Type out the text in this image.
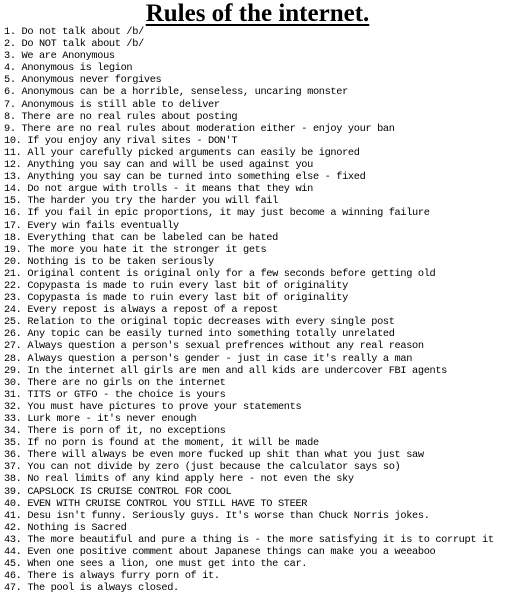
Rules of the internet.
1. Do not talk about /b/
2. Do NOT talk about /b/
3. We are Anonymous
4. Anonymous is legion
5. Anonymous never forgives
6. Anonymous can be a horrible, senseless, uncaring monster
7. Anonymous is still able to deliver
8. There are no real rules about posting
9. There are no real rules about moderation either - enjoy your ban
10. If you enjoy any rival sites - DON'T
11. All your carefully picked arguments can easily be ignored
12. Anything you say can and will be used against you
13. Anything you say can be turned into something else - fixed
14. Do not argue with trolls - it means that they win
15. The harder you try the harder you will fail
16. If you fail in epic proportions, it may just become a winning failure
17. Every win fails eventually
18. Everything that can be labeled can be hated
19. The more you hate it the stronger it gets
20. Nothing is to be taken seriously
21. Original content is original only for a few seconds before getting old
22. Copypasta is made to ruin every last bit of originality
23. Copypasta is made to ruin every last bit of originality
24. Every repost is always a repost of a repost
25. Relation to the original topic decreases with every single post
26. Any topic can be easily turned into something totally unrelated
27. Always question a person's sexual prefrences without any real reason
28. Always question a person's gender - just in case it's really a man
29. In the internet all girls are men and all kids are undercover FBI agents
30. There are no girls on the internet
31. TITS or GTFO - the choice is yours
32. You must have pictures to prove your statements
33. Lurk more - it's never enough
34. There is porn of it, no exceptions
35. If no porn is found at the moment, it will be made
36. There will always be even more fucked up shit than what you just saw
37. You can not divide by zero (just because the calculator says so)
38. No real limits of any kind apply here - not even the sky
39. CAPSLOCK IS CRUISE CONTROL FOR COOL
40. EVEN WITH CRUISE CONTROL YOU STILL HAVE TO STEER
41. Desu isn't funny. Seriously guys. It's worse than Chuck Norris jokes.
42. Nothing is Sacred
43. The more beautiful and pure a thing is - the more satisfying it is to corrupt it
44. Even one positive comment about Japanese things can make you a weeaboo
45. When one sees a lion, one must get into the car.
46. There is always furry porn of it.
47. The pool is always closed.
